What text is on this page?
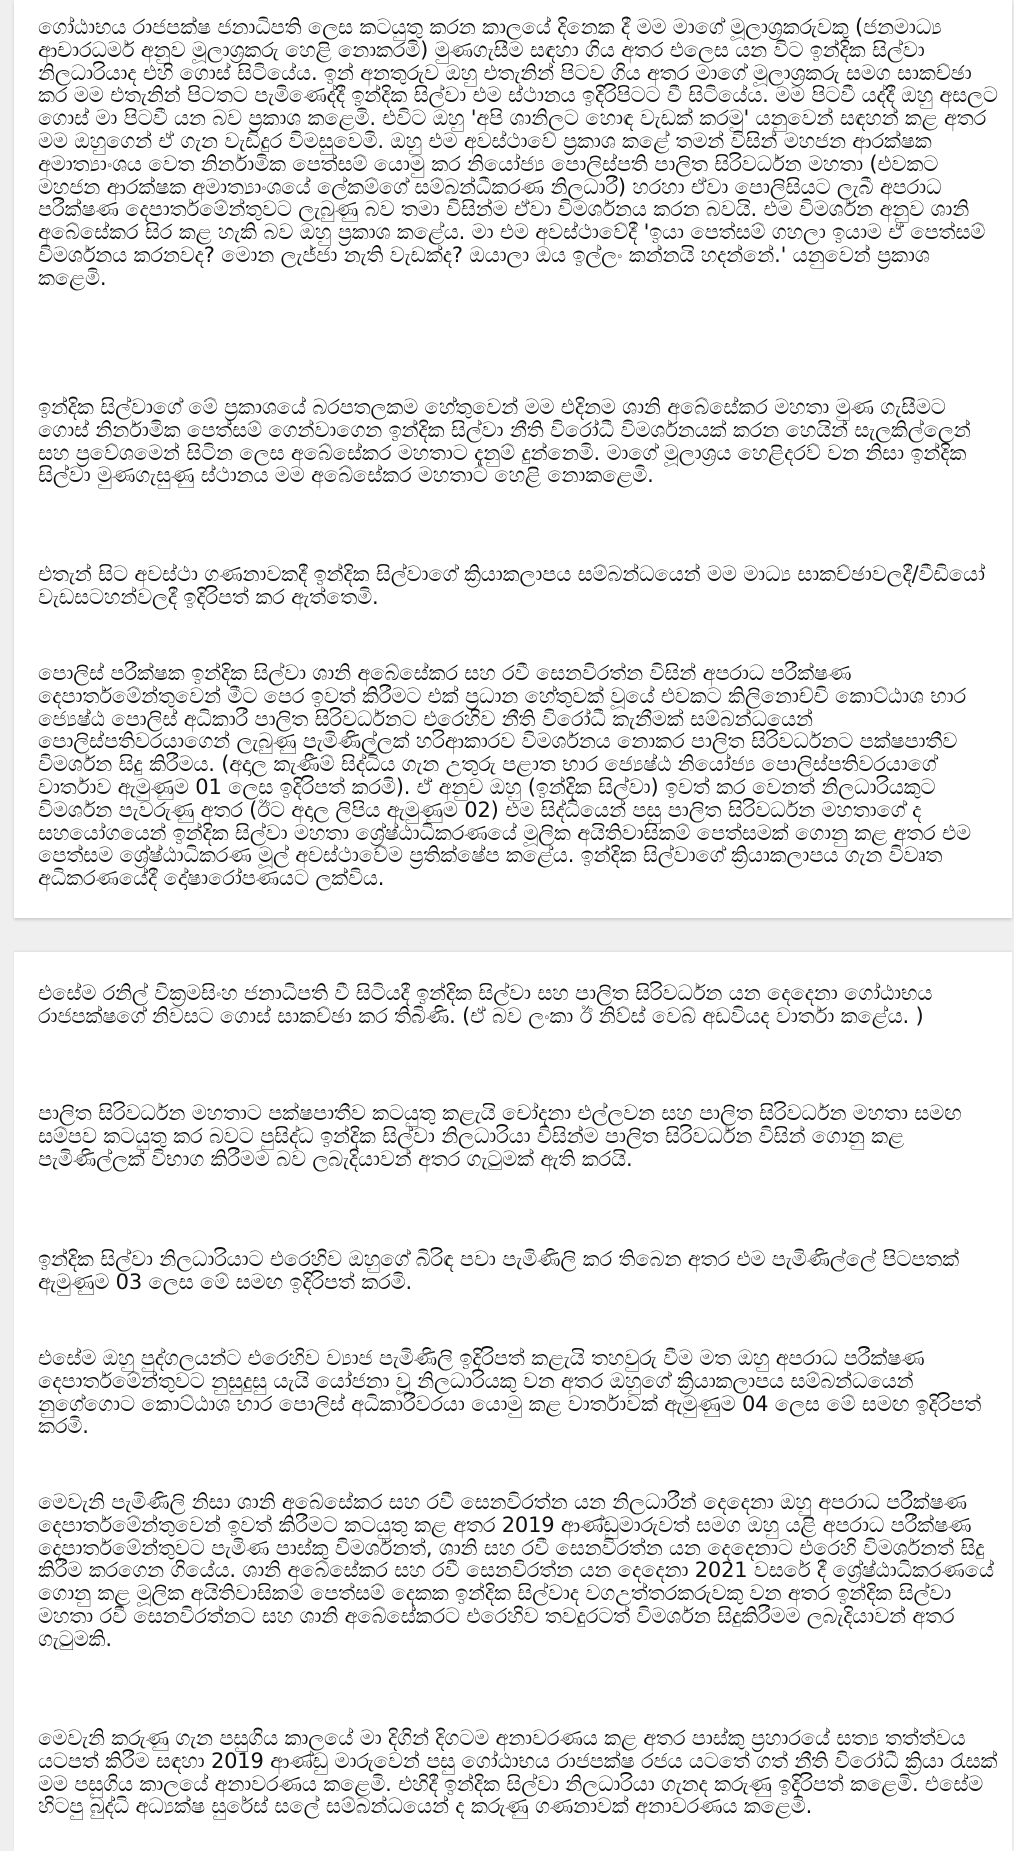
ගෝඨාභය රාජපක්ෂ ජනාධිපති ලෙස කටයුතු කරන කාලයේ දිනෙක දී මම මාගේ මූලාශ්‍රකරුවකු (ජනමාධ්‍ය ආචාරධර්ම අනුව මූලාශ්‍රකරු හෙළි නොකරමි) මුණගැසීම සඳහා ගිය අතර එලෙස යන විට ඉන්දික සිල්වා නිලධාරියාද එහි ගොස් සිටියේය. ඉන් අනතුරුව ඔහු එතැනින් පිටව ගිය අතර මාගේ මූලාශ්‍රකරු සමග සාකච්ඡා කර මම එතැනින් පිටතට පැමිණෙද්දී ඉන්දික සිල්වා එම ස්ථානය ඉදිරිපිටට වී සිටියේය. මම පිටවී යද්දී ඔහු අසලට ගොස් මා පිටවී යන බව ප්‍රකාශ කළෙමි. එවිට ඔහු 'අපි ශානිලට හොඳ වැඩක් කරමු' යනුවෙන් සඳහන් කළ අතර මම ඔහුගෙන් ඒ ගැන වැඩිදුර විමසුවෙමි. ඔහු එම අවස්ථාවේ ප්‍රකාශ කළේ තමන් විසින් මහජන ආරක්ෂක අමාත්‍යාංශය වෙත නිර්නාමික පෙත්සම් යොමු කර නියෝජ්‍ය පොලිස්පති පාලිත සිරිවර්ධන මහතා (එවකට මහජන ආරක්ෂක අමාත්‍යාංශයේ ලේකම්ගේ සම්බන්ධීකරණ නිලධාරී) හරහා ඒවා පොලිසියට ලැබී අපරාධ පරීක්ෂණ දෙපාර්තමේන්තුවට ලැබුණු බව තමා විසින්ම ඒවා විමර්ශනය කරන බවයි. එම විමර්ශන අනුව ශානි අබේසේකර සිර කළ හැකි බව ඔහු ප්‍රකාශ කළේය. මා එම අවස්ථාවේදී 'ඉයා පෙත්සම් ගහලා ඉයාම ඒ පෙත්සම් විමර්ශනය කරනවද? මොන ලැජ්ජා නැති වැඩක්ද? ඔයාලා ඔය ඉල්ලං කන්නයි හදන්නේ.' යනුවෙන් ප්‍රකාශ කළෙමි.

ඉන්දික සිල්වාගේ මේ ප්‍රකාශයේ බරපතලකම හේතුවෙන් මම එදිනම ශානි අබේසේකර මහතා මුණ ගැසීමට ගොස් නිර්නාමික පෙත්සම් ගෙන්වාගෙන ඉන්දික සිල්වා නීති විරෝධී විමර්ශනයක් කරන හෙයින් සැලකිල්ලෙන් සහ ප්‍රවේශමෙන් සිටින ලෙස අබේසේකර මහතාට දැනුම් දුන්නෙමි. මාගේ මූලාශ්‍රය හෙළිදරව් වන නිසා ඉන්දික සිල්වා මුණගැසුණු ස්ථානය මම අබේසේකර මහතාට හෙළි නොකළෙමි.

එතැන් සිට අවස්ථා ගණනාවකදී ඉන්දික සිල්වාගේ ක්‍රියාකලාපය සම්බන්ධයෙන් මම මාධ්‍ය සාකච්ඡාවලදී/වීඩියෝ වැඩසටහන්වලදී ඉදිරිපත් කර ඇත්තෙමි.

පොලිස් පරීක්ෂක ඉන්දික සිල්වා ශානි අබේසේකර සහ රවී සෙනවිරත්න විසින් අපරාධ පරීක්ෂණ දෙපාර්තමේන්තුවෙන් මීට පෙර ඉවත් කිරීමට එක් ප්‍රධාන හේතුවක් වූයේ එවකට කිලිනොච්චි කොට්ඨාශ භාර ජ්‍යෙෂ්ඨ පොලිස් අධිකාරී පාලිත සිරිවර්ධනට එරෙහිව නීති විරෝධී කැනීමක් සම්බන්ධයෙන් පොලිස්පතිවරයාගෙන් ලැබුණු පැමිණිල්ලක් හරිආකාරව විමර්ශනය නොකර පාලිත සිරිවර්ධනට පක්ෂපාතීව විමර්ශන සිදු කිරීමය. (අදාල කැණීම් සිද්ධිය ගැන උතුරු පළාත භාර ජ්‍යෙෂ්ඨ නියෝජ්‍ය පොලිස්පතිවරයාගේ වාර්තාව ඇමුණුම 01 ලෙස ඉදිරිපත් කරමි). ඒ අනුව ඔහු (ඉන්දික සිල්වා) ඉවත් කර වෙනත් නිලධාරියකුට විමර්ශන පැවරුණු අතර (ඊට අදාල ලිපිය ඇමුණුම 02) එම සිද්ධියෙන් පසු පාලිත සිරිවර්ධන මහතාගේ ද සහයෝගයෙන් ඉන්දික සිල්වා මහතා ශ්‍රේෂ්ඨාධිකරණයේ මූලික අයිතිවාසිකම් පෙත්සමක් ගොනු කළ අතර එම පෙත්සම ශ්‍රේෂ්ඨාධිකරණ මූල් අවස්ථාවේම ප්‍රතික්ෂේප කළේය. ඉන්දික සිල්වාගේ ක්‍රියාකලාපය ගැන විවෘත අධිකරණයේදී දෝෂාරෝපණයට ලක්විය.

එසේම රනිල් වික්‍රමසිංහ ජනාධිපති වී සිටියදී ඉන්දික සිල්වා සහ පාලිත සිරිවර්ධන යන දෙදෙනා ගෝඨාභය රාජපක්ෂගේ නිවසට ගොස් සාකච්ඡා කර තිබිණි. (ඒ බව ලංකා ඊ නිව්ස් වෙබ් අඩවියද වාර්තා කළේය. )

පාලිත සිරිවර්ධන මහතාට පක්ෂපාතීව කටයුතු කළැයි චෝදනා එල්ලවන සහ පාලිත සිරිවර්ධන මහතා සමඟ සම්පව කටයුතු කර බවට පුසිද්ධ ඉන්දික සිල්වා නිලධාරියා විසින්ම පාලිත සිරිවර්ධන විසින් ගොනු කළ පැමිණිල්ලක් විභාග කිරීමම බව ලබැදියාවන් අතර ගැටුමක් ඇති කරයි.

ඉන්දික සිල්වා නිලධාරියාට එරෙහිව ඔහුගේ බිරිඳ පවා පැමිණිලි කර තිබෙන අතර එම පැමිණිල්ලේ පිටපතක් ඇමුණුම 03 ලෙස මේ සමඟ ඉදිරිපත් කරමි.

එසේම ඔහු පුද්ගලයන්ට එරෙහිව ව්‍යාජ පැමිණිලි ඉදිරිපත් කළැයි තහවුරු වීම මත ඔහු අපරාධ පරීක්ෂණ දෙපාර්තමේන්තුවට නුසුදුසු යැයි යෝජනා වූ නිලධාරියකු වන අතර ඔහුගේ ක්‍රියාකලාපය සම්බන්ධයෙන් නුගේගොට කොට්ඨාශ භාර පොලිස් අධිකාරීවරයා යොමු කළ වාර්තාවක් ඇමුණුම 04 ලෙස මේ සමඟ ඉදිරිපත් කරමි.

මෙවැනි පැමිණිලි නිසා ශානි අබේසේකර සහ රවී සෙනවිරත්න යන නිලධාරීන් දෙදෙනා ඔහු අපරාධ පරීක්ෂණ දෙපාර්තමේන්තුවෙන් ඉවත් කිරීමට කටයුතු කළ අතර 2019 ආණ්ඩුමාරුවත් සමග ඔහු යළි අපරාධ පරීක්ෂණ දෙපාර්තමේන්තුවට පැමිණ පාස්කු විමර්ශනත්, ශානි සහ රවී සෙනවිරත්න යන දෙදෙනාට එරෙහි විමර්ශනත් සිදු කිරීම කරගෙන ගියේය. ශානි අබේසේකර සහ රවී සෙනවිරත්න යන දෙදෙනා 2021 වසරේ දී ශ්‍රේෂ්ඨාධිකරණයේ ගොනු කළ මූලික අයිතිවාසිකම් පෙත්සම් දෙකක ඉන්දික සිල්වාද වගඋත්තරකරුවකු වන අතර ඉන්දික සිල්වා මහතා රවී සෙනවිරත්නට සහ ශානි අබේසේකරට එරෙහිව තවදුරටත් විමර්ශන සිදුකිරීමම ලබැදියාවන් අතර ගැටුමකි.

මෙවැනි කරුණු ගැන පසුගිය කාලයේ මා දිගින් දිගටම අනාවරණය කළ අතර පාස්කු ප්‍රහාරයේ සත්‍ය තත්ත්වය යටපත් කිරීම සඳහා 2019 ආණ්ඩු මාරුවෙන් පසු ගෝඨාභය රාජපක්ෂ රජය යටතේ ගත් නීති විරෝධී ක්‍රියා රැසක් මම පසුගිය කාලයේ අනාවරණය කළෙමි. එහිදී ඉන්දික සිල්වා නිලධාරියා ගැනද කරුණු ඉදිරිපත් කළෙමි. එසේම හිටපු බුද්ධි අධ්‍යක්ෂ සුරේස් සලේ සම්බන්ධයෙන් ද කරුණු ගණනාවක් අනාවරණය කළෙමි.
